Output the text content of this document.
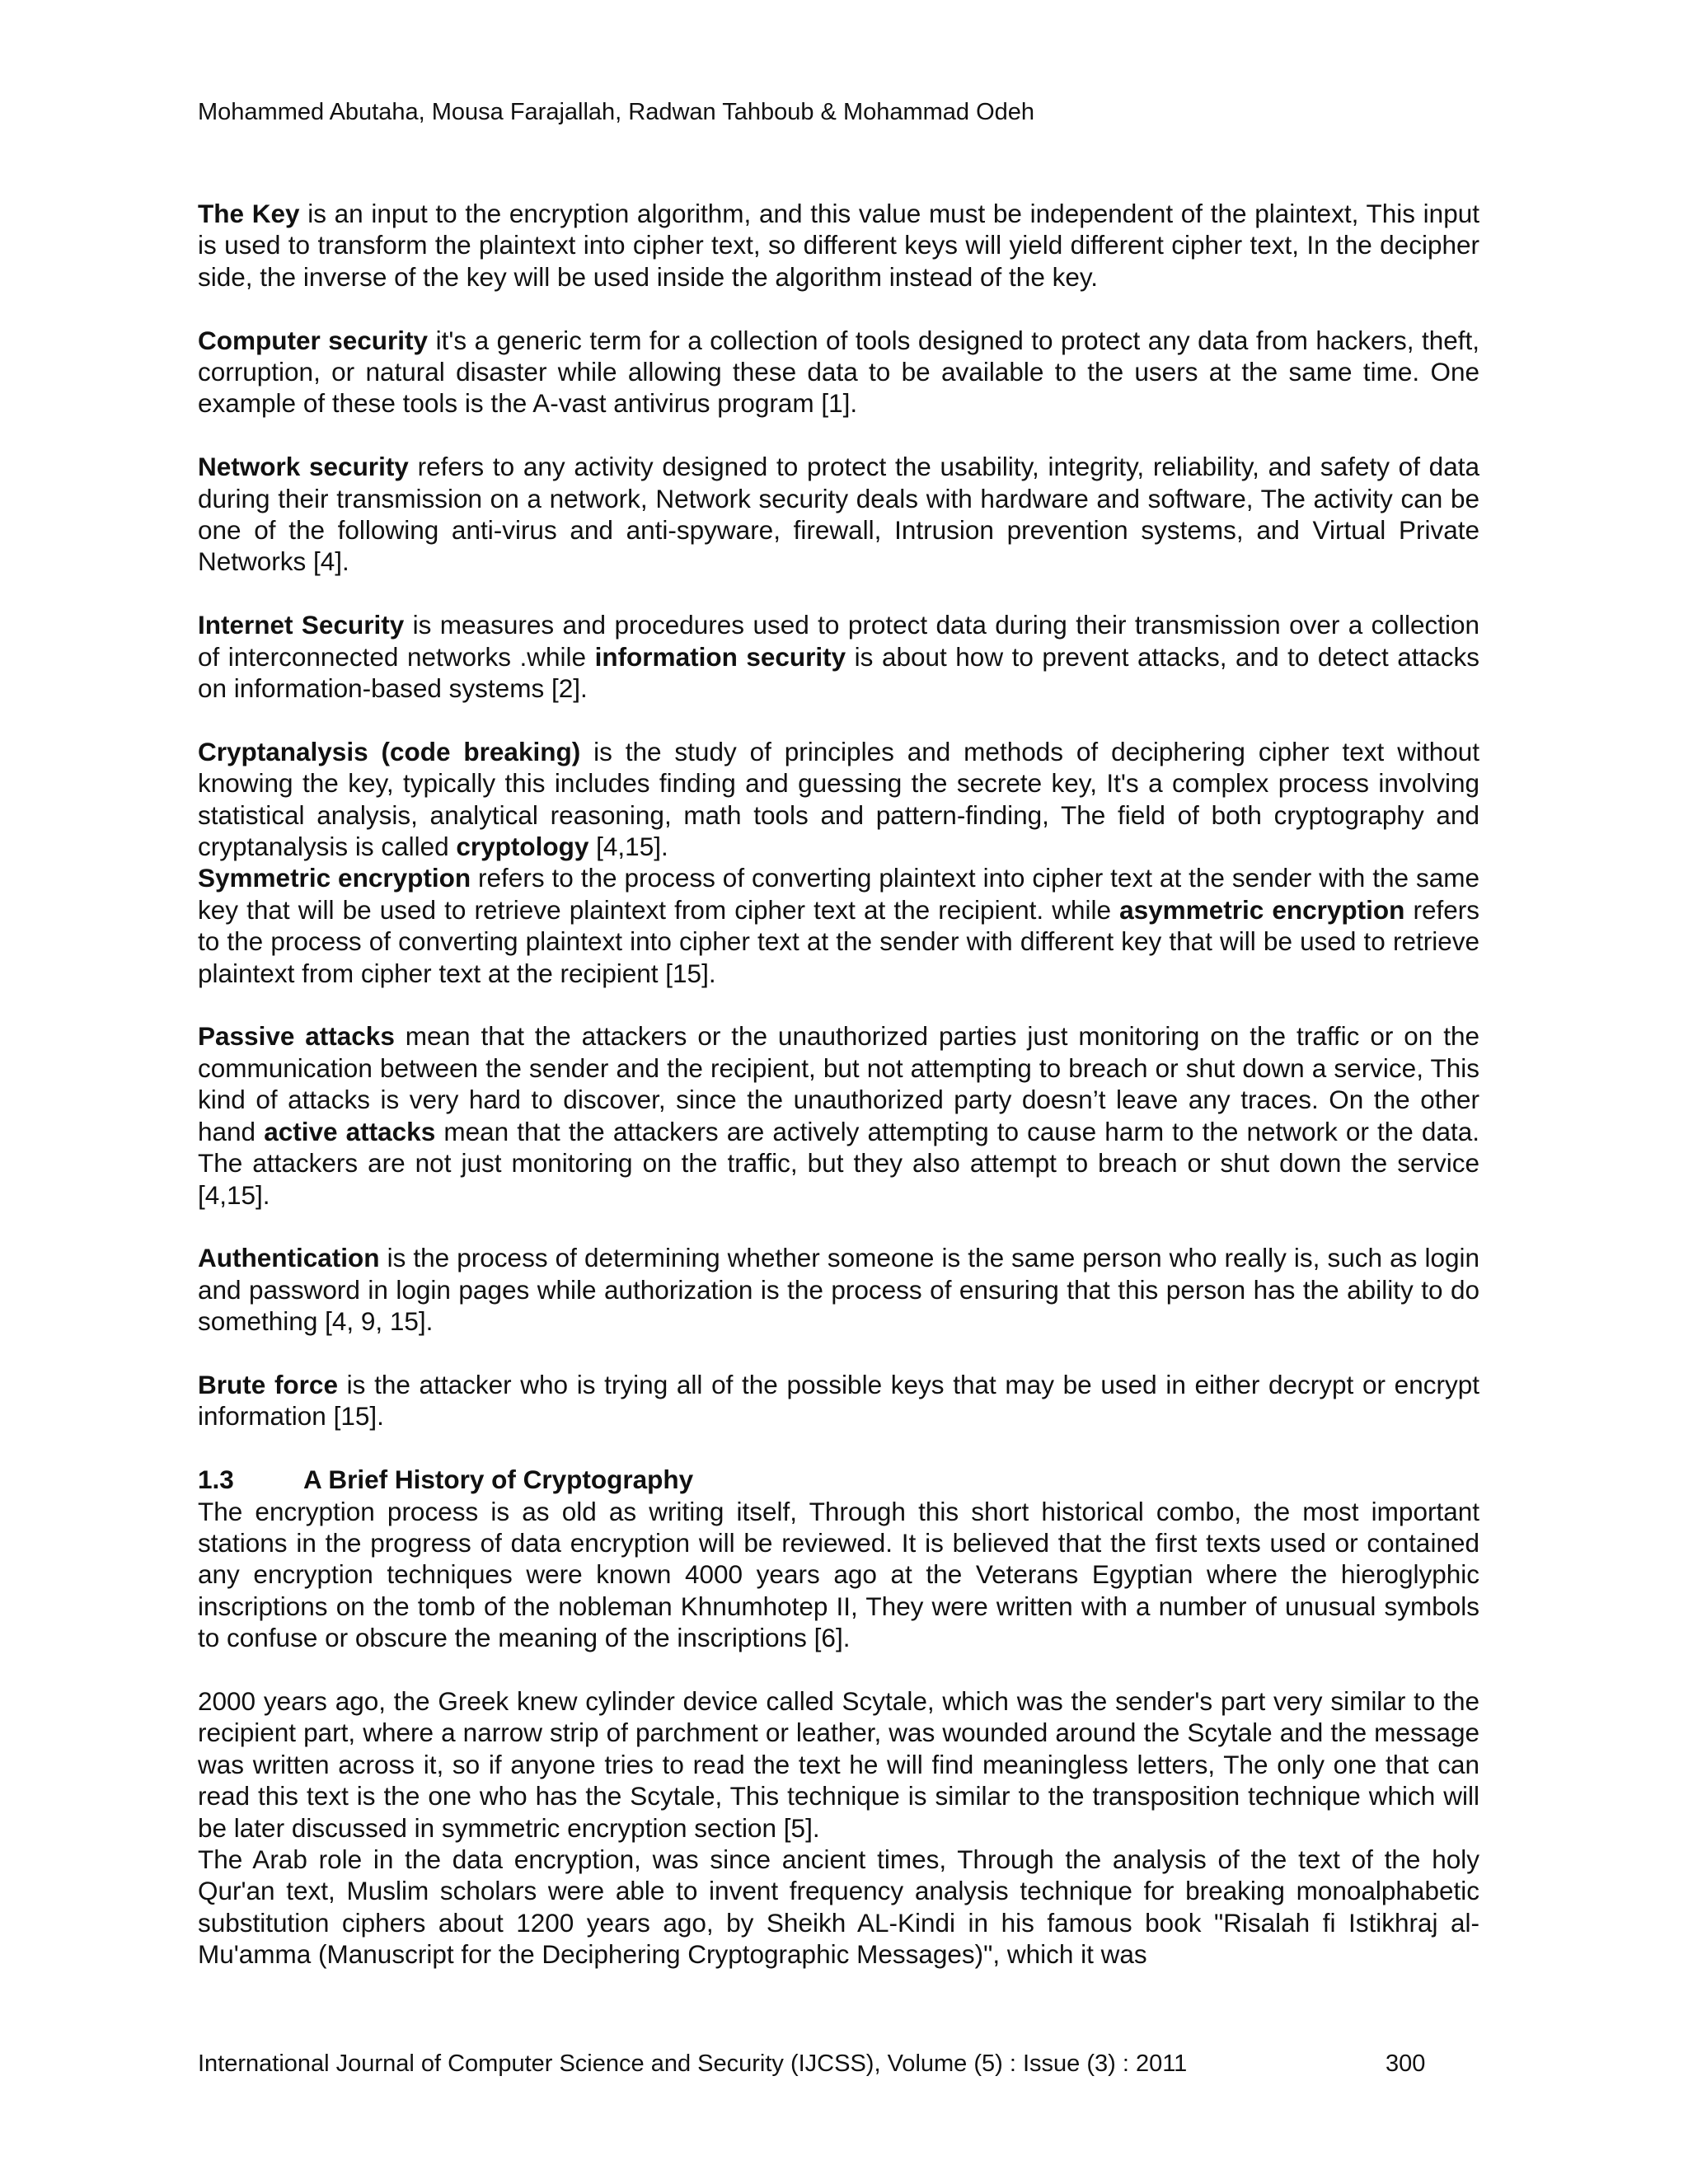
Mohammed Abutaha, Mousa Farajallah, Radwan Tahboub & Mohammad Odeh

The Key is an input to the encryption algorithm, and this value must be independent of the plaintext, This input is used to transform the plaintext into cipher text, so different keys will yield different cipher text, In the decipher side, the inverse of the key will be used inside the algorithm instead of the key.

Computer security it's a generic term for a collection of tools designed to protect any data from hackers, theft, corruption, or natural disaster while allowing these data to be available to the users at the same time. One example of these tools is the A-vast antivirus program [1].

Network security refers to any activity designed to protect the usability, integrity, reliability, and safety of data during their transmission on a network, Network security deals with hardware and software, The activity can be one of the following anti-virus and anti-spyware, firewall, Intrusion prevention systems, and Virtual Private Networks [4].

Internet Security is measures and procedures used to protect data during their transmission over a collection of interconnected networks .while information security is about how to prevent attacks, and to detect attacks on information-based systems [2].

Cryptanalysis (code breaking) is the study of principles and methods of deciphering cipher text without knowing the key, typically this includes finding and guessing the secrete key, It's a complex process involving statistical analysis, analytical reasoning, math tools and pattern-finding, The field of both cryptography and cryptanalysis is called cryptology [4,15].

Symmetric encryption refers to the process of converting plaintext into cipher text at the sender with the same key that will be used to retrieve plaintext from cipher text at the recipient. while asymmetric encryption refers to the process of converting plaintext into cipher text at the sender with different key that will be used to retrieve plaintext from cipher text at the recipient [15].

Passive attacks mean that the attackers or the unauthorized parties just monitoring on the traffic or on the communication between the sender and the recipient, but not attempting to breach or shut down a service, This kind of attacks is very hard to discover, since the unauthorized party doesn’t leave any traces. On the other hand active attacks mean that the attackers are actively attempting to cause harm to the network or the data. The attackers are not just monitoring on the traffic, but they also attempt to breach or shut down the service [4,15].

Authentication is the process of determining whether someone is the same person who really is, such as login and password in login pages while authorization is the process of ensuring that this person has the ability to do something [4, 9, 15].

Brute force is the attacker who is trying all of the possible keys that may be used in either decrypt or encrypt information [15].

1.3	A Brief History of Cryptography

The encryption process is as old as writing itself, Through this short historical combo, the most important stations in the progress of data encryption will be reviewed. It is believed that the first texts used or contained any encryption techniques were known 4000 years ago at the Veterans Egyptian where the hieroglyphic inscriptions on the tomb of the nobleman Khnumhotep II, They were written with a number of unusual symbols to confuse or obscure the meaning of the inscriptions [6].

2000 years ago, the Greek knew cylinder device called Scytale, which was the sender's part very similar to the recipient part, where a narrow strip of parchment or leather, was wounded around the Scytale and the message was written across it, so if anyone tries to read the text he will find meaningless letters, The only one that can read this text is the one who has the Scytale, This technique is similar to the transposition technique which will be later discussed in symmetric encryption section [5].

The Arab role in the data encryption, was since ancient times, Through the analysis of the text of the holy Qur'an text, Muslim scholars were able to invent frequency analysis technique for breaking monoalphabetic substitution ciphers about 1200 years ago, by Sheikh AL-Kindi in his famous book "Risalah fi Istikhraj al-Mu'amma (Manuscript for the Deciphering Cryptographic Messages)", which it was

International Journal of Computer Science and Security (IJCSS), Volume (5) : Issue (3) : 2011	300
